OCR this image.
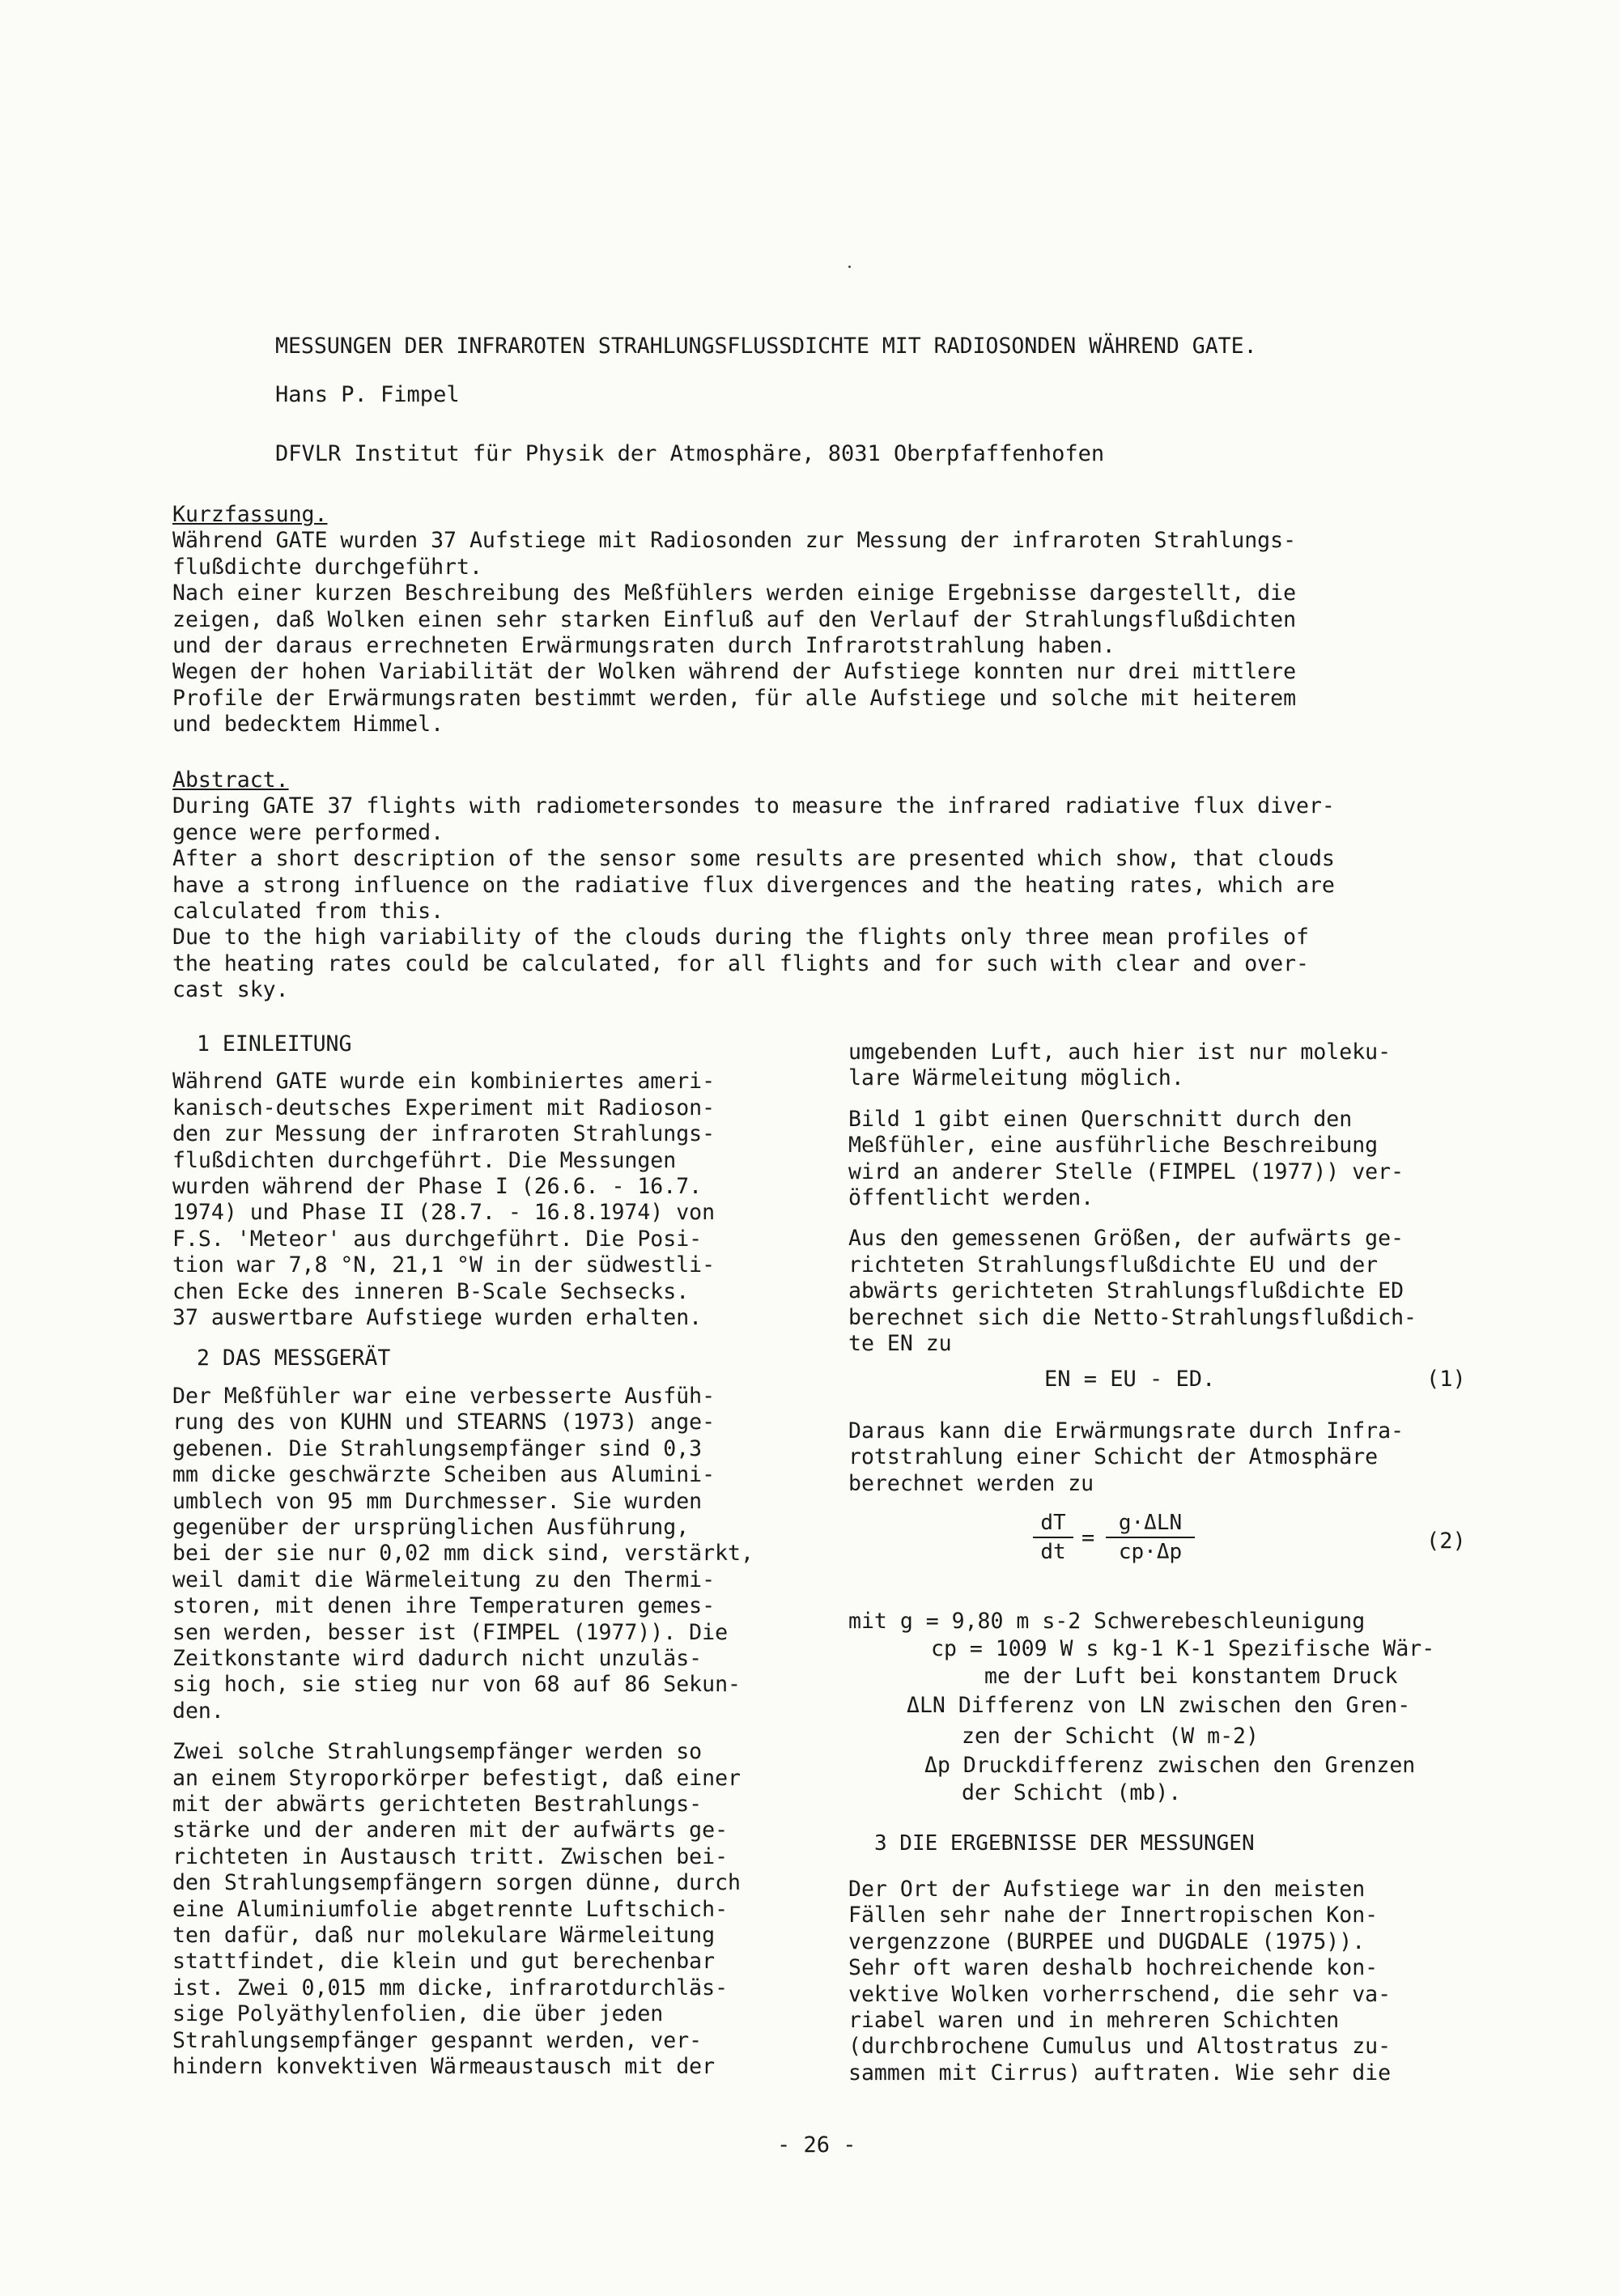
MESSUNGEN DER INFRAROTEN STRAHLUNGSFLUSSDICHTE MIT RADIOSONDEN WÄHREND GATE.
Hans P. Fimpel
DFVLR Institut für Physik der Atmosphäre, 8031 Oberpfaffenhofen
Kurzfassung.
Während GATE wurden 37 Aufstiege mit Radiosonden zur Messung der infraroten Strahlungs-
flußdichte durchgeführt.
Nach einer kurzen Beschreibung des Meßfühlers werden einige Ergebnisse dargestellt, die
zeigen, daß Wolken einen sehr starken Einfluß auf den Verlauf der Strahlungsflußdichten
und der daraus errechneten Erwärmungsraten durch Infrarotstrahlung haben.
Wegen der hohen Variabilität der Wolken während der Aufstiege konnten nur drei mittlere
Profile der Erwärmungsraten bestimmt werden, für alle Aufstiege und solche mit heiterem
und bedecktem Himmel.
Abstract.
During GATE 37 flights with radiometersondes to measure the infrared radiative flux diver-
gence were performed.
After a short description of the sensor some results are presented which show, that clouds
have a strong influence on the radiative flux divergences and the heating rates, which are
calculated from this.
Due to the high variability of the clouds during the flights only three mean profiles of
the heating rates could be calculated, for all flights and for such with clear and over-
cast sky.
1 EINLEITUNG
Während GATE wurde ein kombiniertes ameri-
kanisch-deutsches Experiment mit Radioson-
den zur Messung der infraroten Strahlungs-
flußdichten durchgeführt. Die Messungen
wurden während der Phase I (26.6. - 16.7.
1974) und Phase II (28.7. - 16.8.1974) von
F.S. 'Meteor' aus durchgeführt. Die Posi-
tion war 7,8 °N, 21,1 °W in der südwestli-
chen Ecke des inneren B-Scale Sechsecks.
37 auswertbare Aufstiege wurden erhalten.
2 DAS MESSGERÄT
Der Meßfühler war eine verbesserte Ausfüh-
rung des von KUHN und STEARNS (1973) ange-
gebenen. Die Strahlungsempfänger sind 0,3
mm dicke geschwärzte Scheiben aus Alumini-
umblech von 95 mm Durchmesser. Sie wurden
gegenüber der ursprünglichen Ausführung,
bei der sie nur 0,02 mm dick sind, verstärkt,
weil damit die Wärmeleitung zu den Thermi-
storen, mit denen ihre Temperaturen gemes-
sen werden, besser ist (FIMPEL (1977)). Die
Zeitkonstante wird dadurch nicht unzuläs-
sig hoch, sie stieg nur von 68 auf 86 Sekun-
den.
Zwei solche Strahlungsempfänger werden so
an einem Styroporkörper befestigt, daß einer
mit der abwärts gerichteten Bestrahlungs-
stärke und der anderen mit der aufwärts ge-
richteten in Austausch tritt. Zwischen bei-
den Strahlungsempfängern sorgen dünne, durch
eine Aluminiumfolie abgetrennte Luftschich-
ten dafür, daß nur molekulare Wärmeleitung
stattfindet, die klein und gut berechenbar
ist. Zwei 0,015 mm dicke, infrarotdurchläs-
sige Polyäthylenfolien, die über jeden
Strahlungsempfänger gespannt werden, ver-
hindern konvektiven Wärmeaustausch mit der
umgebenden Luft, auch hier ist nur moleku-
lare Wärmeleitung möglich.
Bild 1 gibt einen Querschnitt durch den
Meßfühler, eine ausführliche Beschreibung
wird an anderer Stelle (FIMPEL (1977)) ver-
öffentlicht werden.
Aus den gemessenen Größen, der aufwärts ge-
richteten Strahlungsflußdichte EU und der
abwärts gerichteten Strahlungsflußdichte ED
berechnet sich die Netto-Strahlungsflußdich-
te EN zu
EN = EU - ED.	(1)
Daraus kann die Erwärmungsrate durch Infra-
rotstrahlung einer Schicht der Atmosphäre
berechnet werden zu
$\frac{dT}{dt}$ =
g·ΔLN
cp·Δp	(2)
mit g = 9,80 m s-2 Schwerebeschleunigung
cp = 1009 W s kg-1 K-1 Spezifische Wär-
me der Luft bei konstantem Druck
ΔLN Differenz von LN zwischen den Gren-
zen der Schicht (W m-2)
Δp Druckdifferenz zwischen den Grenzen
der Schicht (mb).
3 DIE ERGEBNISSE DER MESSUNGEN
Der Ort der Aufstiege war in den meisten
Fällen sehr nahe der Innertropischen Kon-
vergenzzone (BURPEE und DUGDALE (1975)).
Sehr oft waren deshalb hochreichende kon-
vektive Wolken vorherrschend, die sehr va-
riabel waren und in mehreren Schichten
(durchbrochene Cumulus und Altostratus zu-
sammen mit Cirrus) auftraten. Wie sehr die
- 26 -
